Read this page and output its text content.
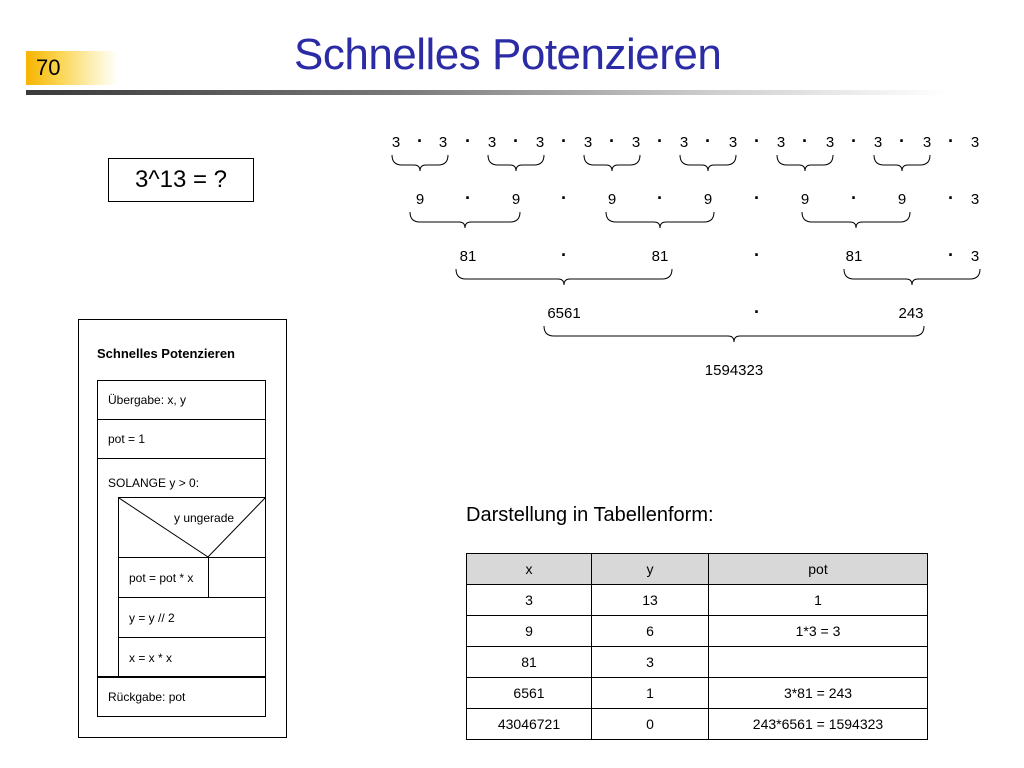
70	Schnelles Potenzieren
3^13 = ?
3 · 3 · 3 · 3 · 3 · 3 · 3 · 3 · 3 · 3 · 3 · 3 · 3
9 ·	9 ·	9 ·	9 ·	9 ·	9 · 3
81	·	81	·	81	· 3
6561	·	243
1594323
Schnelles Potenzieren
Übergabe: x, y
pot = 1
SOLANGE y > 0:
y ungerade
pot = pot * x
y = y // 2
x = x * x
Rückgabe: pot
Darstellung in Tabellenform:
x	y	pot
3	13	1
9	6	1*3 = 3
81	3	
6561	1	3*81 = 243
43046721	0	243*6561 = 1594323
